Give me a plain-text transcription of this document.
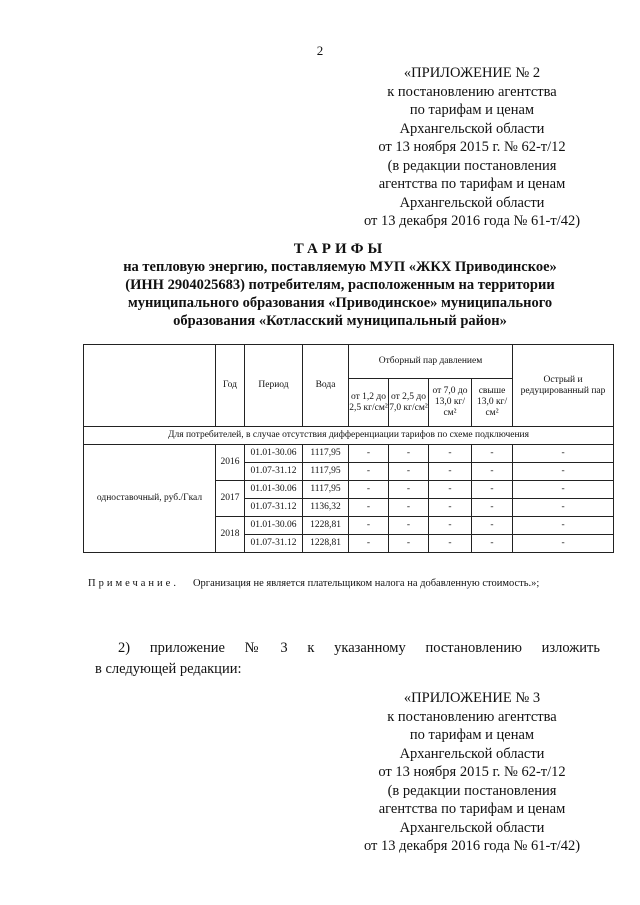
2
«ПРИЛОЖЕНИЕ № 2
к постановлению агентства
по тарифам и ценам
Архангельской области
от 13 ноября 2015 г. № 62-т/12
(в редакции постановления
агентства по тарифам и ценам
Архангельской области
от 13 декабря 2016 года № 61-т/42)
ТАРИФЫ
на тепловую энергию, поставляемую МУП «ЖКХ Приводинское»
(ИНН 2904025683) потребителям, расположенным на территории
муниципального образования «Приводинское» муниципального
образования «Котласский муниципальный район»
	Год	Период	Вода	Отборный пар давлением				Острый и редуцированный пар
				от 1,2 до 2,5 кг/см²	от 2,5 до 7,0 кг/см²	от 7,0 до 13,0 кг/см²	свыше 13,0 кг/см²	
Для потребителей, в случае отсутствия дифференциации тарифов по схеме подключения								
одноставочный, руб./Гкал	2016	01.01-30.06	1117,95	-	-	-	-	-
		01.07-31.12	1117,95	-	-	-	-	-
	2017	01.01-30.06	1117,95	-	-	-	-	-
		01.07-31.12	1136,32	-	-	-	-	-
	2018	01.01-30.06	1228,81	-	-	-	-	-
		01.07-31.12	1228,81	-	-	-	-	-
Примечание. Организация не является плательщиком налога на добавленную стоимость.»;
2) приложение № 3 к указанному постановлению изложить
в следующей редакции:
«ПРИЛОЖЕНИЕ № 3
к постановлению агентства
по тарифам и ценам
Архангельской области
от 13 ноября 2015 г. № 62-т/12
(в редакции постановления
агентства по тарифам и ценам
Архангельской области
от 13 декабря 2016 года № 61-т/42)
